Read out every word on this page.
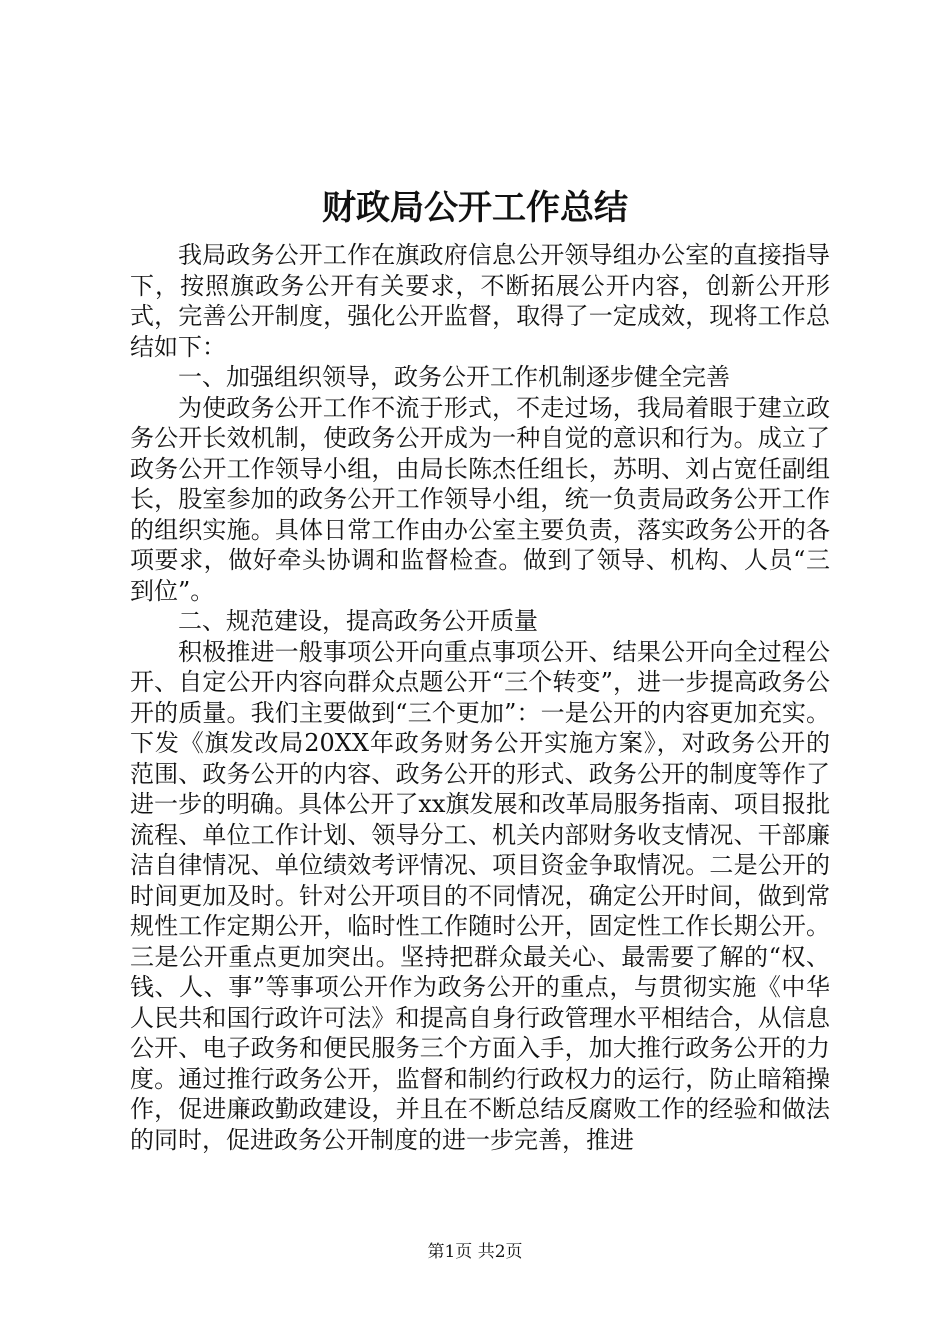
财政局公开工作总结

我局政务公开工作在旗政府信息公开领导组办公室的直接指导下，按照旗政务公开有关要求，不断拓展公开内容，创新公开形式，完善公开制度，强化公开监督，取得了一定成效，现将工作总结如下：

一、加强组织领导，政务公开工作机制逐步健全完善

为使政务公开工作不流于形式，不走过场，我局着眼于建立政务公开长效机制，使政务公开成为一种自觉的意识和行为。成立了政务公开工作领导小组，由局长陈杰任组长，苏明、刘占宽任副组长，股室参加的政务公开工作领导小组，统一负责局政务公开工作的组织实施。具体日常工作由办公室主要负责，落实政务公开的各项要求，做好牵头协调和监督检查。做到了领导、机构、人员“三到位”。

二、规范建设，提高政务公开质量

积极推进一般事项公开向重点事项公开、结果公开向全过程公开、自定公开内容向群众点题公开“三个转变”，进一步提高政务公开的质量。我们主要做到“三个更加”：一是公开的内容更加充实。下发《旗发改局20XX年政务财务公开实施方案》，对政务公开的范围、政务公开的内容、政务公开的形式、政务公开的制度等作了进一步的明确。具体公开了xx旗发展和改革局服务指南、项目报批流程、单位工作计划、领导分工、机关内部财务收支情况、干部廉洁自律情况、单位绩效考评情况、项目资金争取情况。二是公开的时间更加及时。针对公开项目的不同情况，确定公开时间，做到常规性工作定期公开，临时性工作随时公开，固定性工作长期公开。三是公开重点更加突出。坚持把群众最关心、最需要了解的“权、钱、人、事”等事项公开作为政务公开的重点，与贯彻实施《中华人民共和国行政许可法》和提高自身行政管理水平相结合，从信息公开、电子政务和便民服务三个方面入手，加大推行政务公开的力度。通过推行政务公开，监督和制约行政权力的运行，防止暗箱操作，促进廉政勤政建设，并且在不断总结反腐败工作的经验和做法的同时，促进政务公开制度的进一步完善，推进

第1页 共2页
